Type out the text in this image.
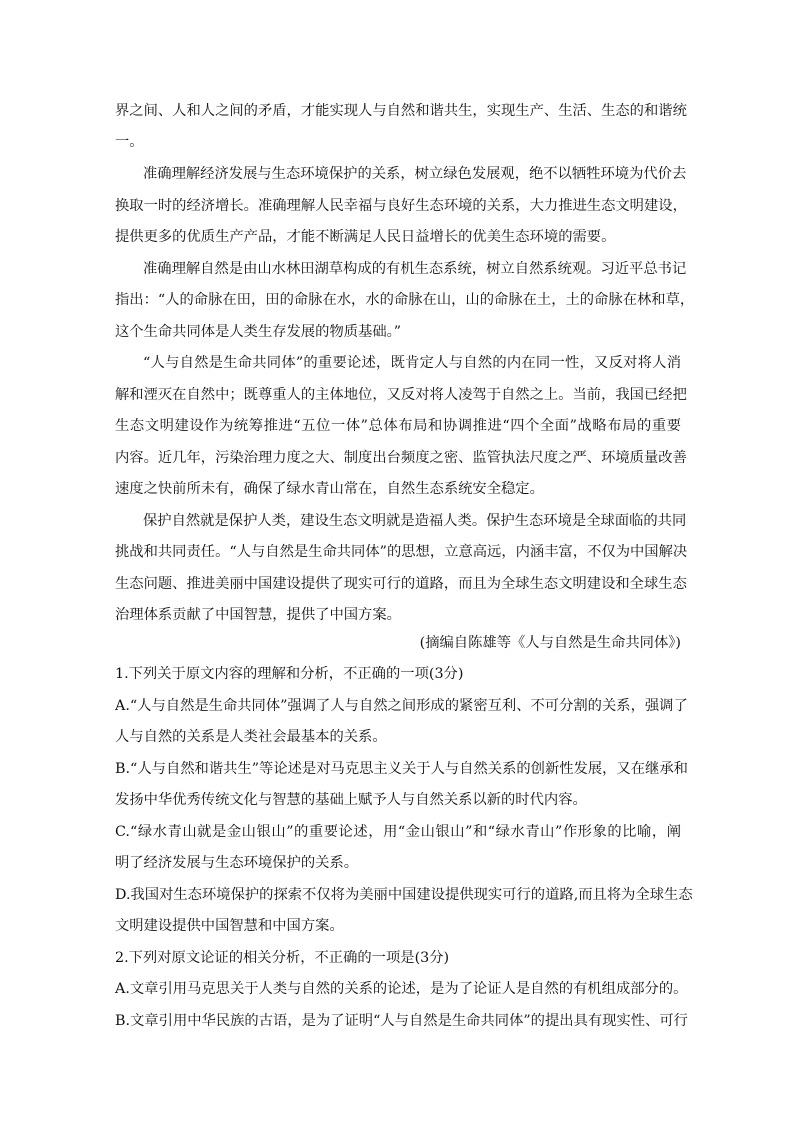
界之间、人和人之间的矛盾，才能实现人与自然和谐共生，实现生产、生活、生态的和谐统
一。
准确理解经济发展与生态环境保护的关系，树立绿色发展观，绝不以牺牲环境为代价去
换取一时的经济增长。准确理解人民幸福与良好生态环境的关系，大力推进生态文明建设，
提供更多的优质生产产品，才能不断满足人民日益增长的优美生态环境的需要。
准确理解自然是由山水林田湖草构成的有机生态系统，树立自然系统观。习近平总书记
指出：“人的命脉在田，田的命脉在水，水的命脉在山，山的命脉在土，土的命脉在林和草，
这个生命共同体是人类生存发展的物质基础。”
“人与自然是生命共同体”的重要论述，既肯定人与自然的内在同一性，又反对将人消
解和湮灭在自然中；既尊重人的主体地位，又反对将人凌驾于自然之上。当前，我国已经把
生态文明建设作为统筹推进“五位一体”总体布局和协调推进“四个全面”战略布局的重要
内容。近几年，污染治理力度之大、制度出台频度之密、监管执法尺度之严、环境质量改善
速度之快前所未有，确保了绿水青山常在，自然生态系统安全稳定。
保护自然就是保护人类，建设生态文明就是造福人类。保护生态环境是全球面临的共同
挑战和共同责任。“人与自然是生命共同体”的思想，立意高远，内涵丰富，不仅为中国解决
生态问题、推进美丽中国建设提供了现实可行的道路，而且为全球生态文明建设和全球生态
治理体系贡献了中国智慧，提供了中国方案。
(摘编自陈雄等《人与自然是生命共同体》)
1.下列关于原文内容的理解和分析，不正确的一项(3分)
A.“人与自然是生命共同体”强调了人与自然之间形成的紧密互利、不可分割的关系，强调了
人与自然的关系是人类社会最基本的关系。
B.“人与自然和谐共生”等论述是对马克思主义关于人与自然关系的创新性发展，又在继承和
发扬中华优秀传统文化与智慧的基础上赋予人与自然关系以新的时代内容。
C.“绿水青山就是金山银山”的重要论述，用“金山银山”和“绿水青山”作形象的比喻，阐
明了经济发展与生态环境保护的关系。
D.我国对生态环境保护的探索不仅将为美丽中国建设提供现实可行的道路,而且将为全球生态
文明建设提供中国智慧和中国方案。
2.下列对原文论证的相关分析，不正确的一项是(3分)
A.文章引用马克思关于人类与自然的关系的论述，是为了论证人是自然的有机组成部分的。
B.文章引用中华民族的古语，是为了证明“人与自然是生命共同体”的提出具有现实性、可行
